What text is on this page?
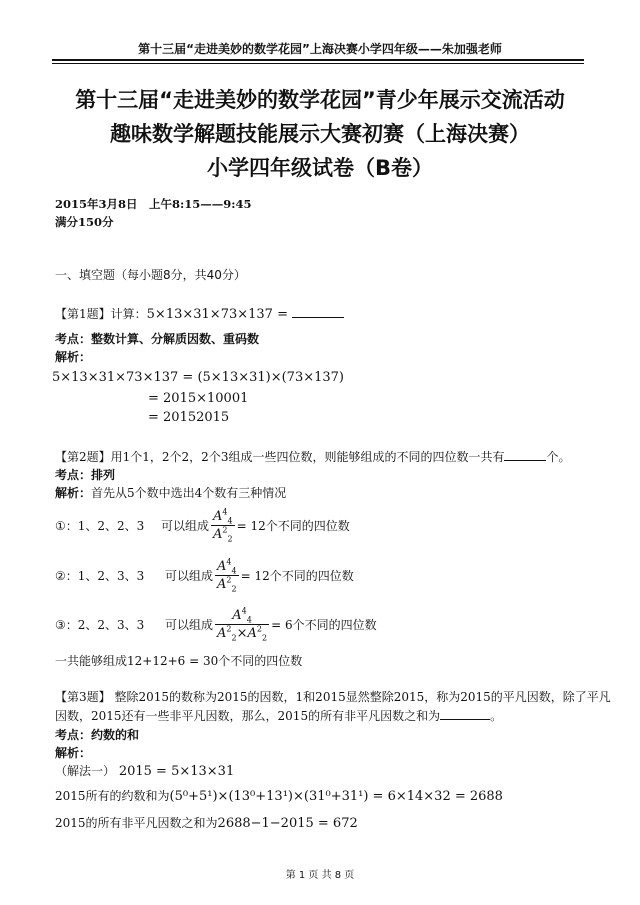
第十三届“走进美妙的数学花园”上海决赛小学四年级——朱加强老师
第十三届“走进美妙的数学花园”青少年展示交流活动
趣味数学解题技能展示大赛初赛（上海决赛）
小学四年级试卷（B卷）
2015年3月8日　上午8:15——9:45
满分150分
一、填空题（每小题8分，共40分）
【第1题】计算：5×13×31×73×137 =
考点：整数计算、分解质因数、重码数
解析：
5×13×31×73×137 = (5×13×31)×(73×137)
= 2015×10001
= 20152015
【第2题】用1个1，2个2，2个3组成一些四位数，则能够组成的不同的四位数一共有	个。
考点：排列
解析：首先从5个数中选出4个数有三种情况
①：1、2、2、3	可以组成 $\frac{A^4_4}{A^2_2} = 12$个不同的四位数
②：1、2、3、3	可以组成 $\frac{A^4_4}{A^2_2} = 12$个不同的四位数
③：2、2、3、3	可以组成 $\frac{A^4_4}{A^2_2\times A^2_2} = 6$个不同的四位数
一共能够组成12+12+6 = 30个不同的四位数
【第3题】 整除2015的数称为2015的因数，1和2015显然整除2015，称为2015的平凡因数，除了平凡
因数，2015还有一些非平凡因数，那么，2015的所有非平凡因数之和为	。
考点：约数的和
解析：
（解法一） 2015 = 5×13×31
2015所有的约数和为(5⁰+5¹)×(13⁰+13¹)×(31⁰+31¹) = 6×14×32 = 2688
2015的所有非平凡因数之和为2688−1−2015 = 672
第 1 页 共 8 页
